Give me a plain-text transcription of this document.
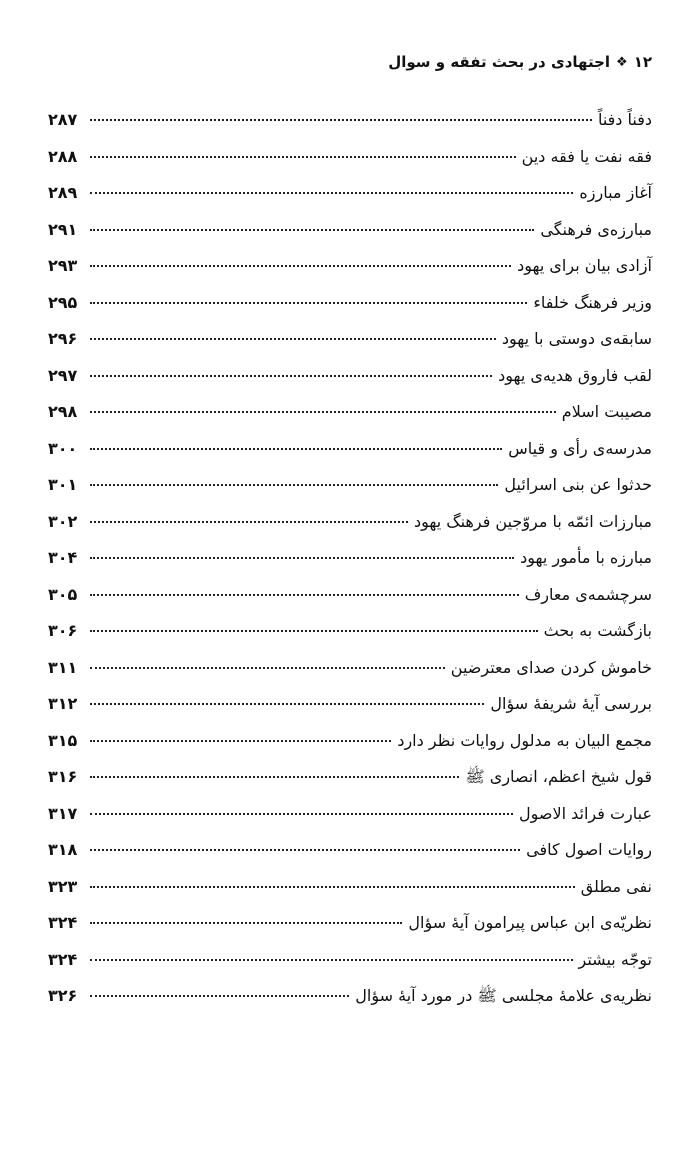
۱۲
❖
اجتهادی در بحث تفقه و سوال
دفناً دفناً
۲۸۷
فقه نفت یا فقه دین
۲۸۸
آغاز مبارزه
۲۸۹
مبارزه‌ی فرهنگی
۲۹۱
آزادی بیان برای یهود
۲۹۳
وزیر فرهنگ خلفاء
۲۹۵
سابقه‌ی دوستی با یهود
۲۹۶
لقب فاروق هدیه‌ی یهود
۲۹۷
مصیبت اسلام
۲۹۸
مدرسه‌ی رأی و قیاس
۳۰۰
حدثوا عن بنی اسرائیل
۳۰۱
مبارزات ائمّه با مروّجین فرهنگ یهود
۳۰۲
مبارزه با مأمور یهود
۳۰۴
سرچشمه‌ی معارف
۳۰۵
بازگشت به بحث
۳۰۶
خاموش کردن صدای معترضین
۳۱۱
بررسی آیهٔ شریفهٔ سؤال
۳۱۲
مجمع البیان به مدلول روایات نظر دارد
۳۱۵
قول شیخ اعظم، انصاری ﷺ
۳۱۶
عبارت فرائد الاصول
۳۱۷
روایات اصول کافی
۳۱۸
نفی مطلق
۳۲۳
نظریّه‌ی ابن عباس پیرامون آیهٔ سؤال
۳۲۴
توجّه بیشتر
۳۲۴
نظریه‌ی علامهٔ مجلسی ﷺ در مورد آیهٔ سؤال
۳۲۶
